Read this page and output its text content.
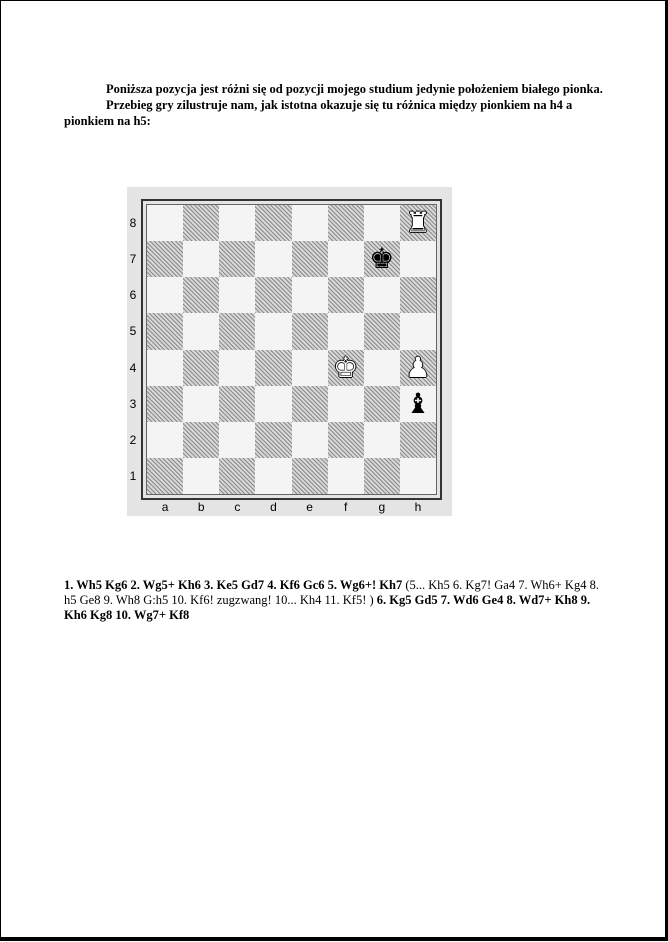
Poniższa pozycja jest różni się od pozycji mojego studium jedynie położeniem białego pionka.

Przebieg gry zilustruje nam, jak istotna okazuje się tu różnica między pionkiem na h4 a pionkiem na h5:

8
7
6
5
4
3
2
1
♜
♚
♚ ♟
♝
a	b	c	d	e	f	g	h
1. Wh5 Kg6 2. Wg5+ Kh6 3. Ke5 Gd7 4. Kf6 Gc6 5. Wg6+! Kh7 (5... Kh5 6. Kg7! Ga4 7. Wh6+ Kg4 8. h5 Ge8 9. Wh8 G:h5 10. Kf6! zugzwang! 10... Kh4 11. Kf5! ) 6. Kg5 Gd5 7. Wd6 Ge4 8. Wd7+ Kh8 9. Kh6 Kg8 10. Wg7+ Kf8
